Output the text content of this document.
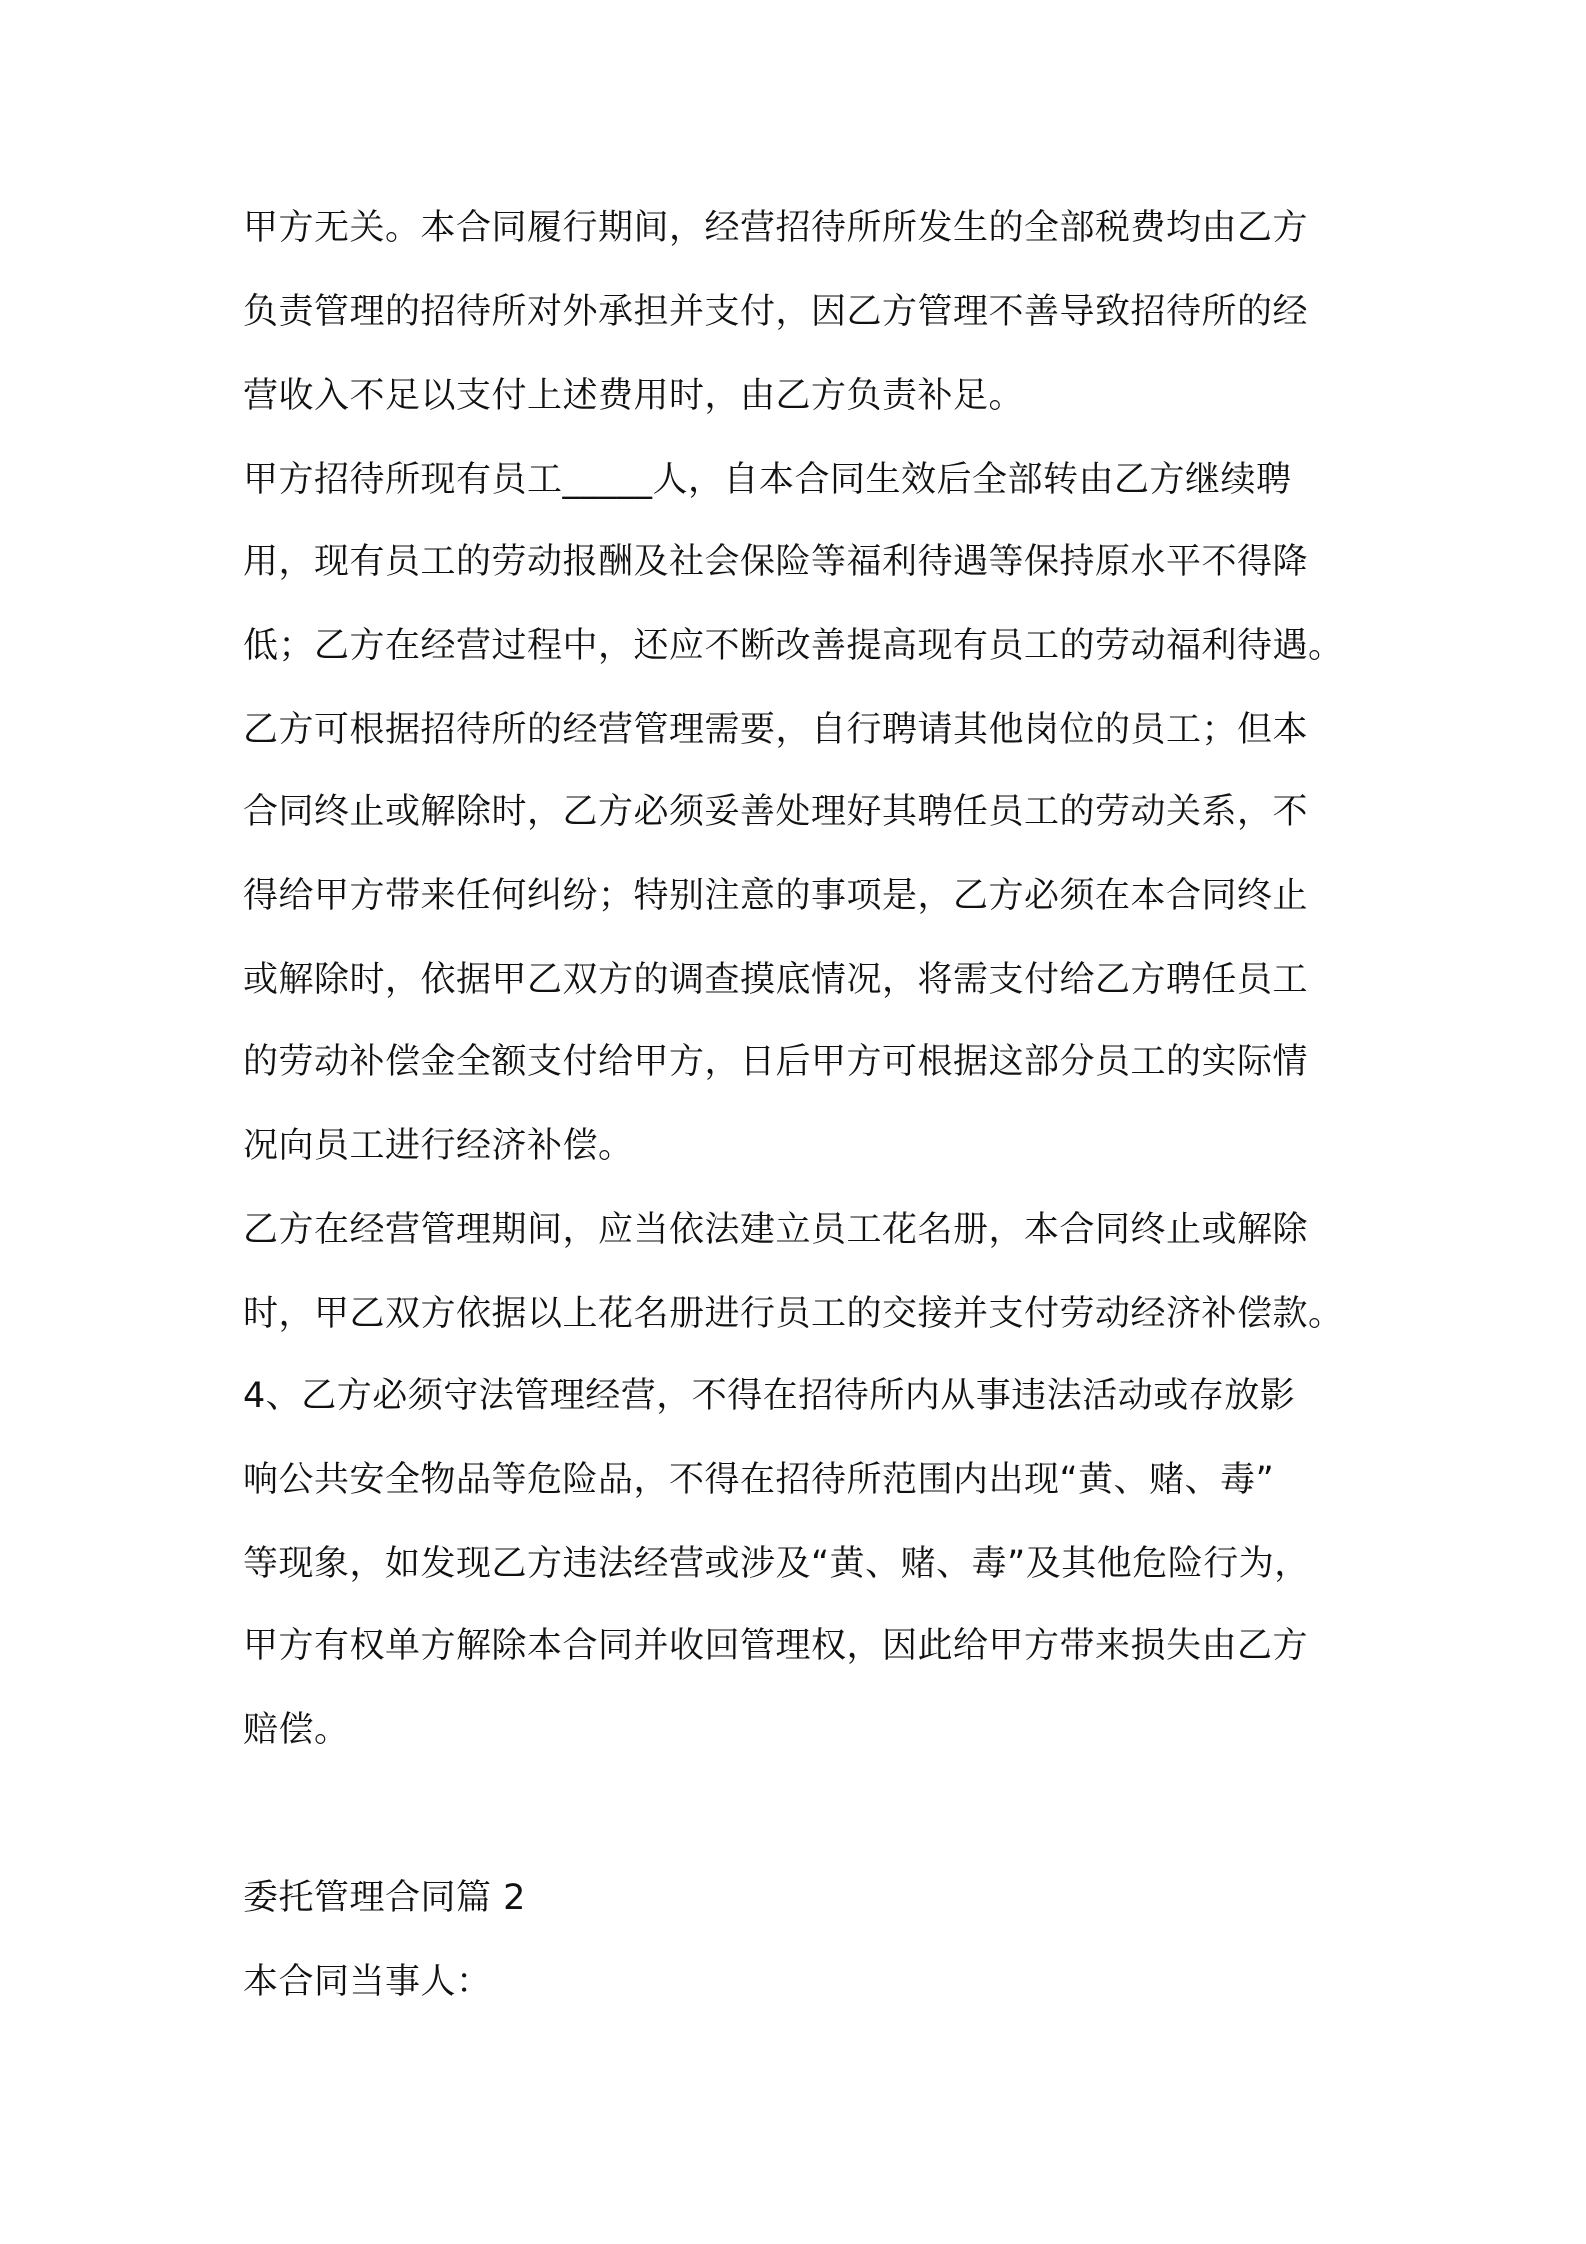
甲方无关。本合同履行期间，经营招待所所发生的全部税费均由乙方
负责管理的招待所对外承担并支付，因乙方管理不善导致招待所的经
营收入不足以支付上述费用时，由乙方负责补足。
甲方招待所现有员工_____人，自本合同生效后全部转由乙方继续聘
用，现有员工的劳动报酬及社会保险等福利待遇等保持原水平不得降
低；乙方在经营过程中，还应不断改善提高现有员工的劳动福利待遇。
乙方可根据招待所的经营管理需要，自行聘请其他岗位的员工；但本
合同终止或解除时，乙方必须妥善处理好其聘任员工的劳动关系，不
得给甲方带来任何纠纷；特别注意的事项是，乙方必须在本合同终止
或解除时，依据甲乙双方的调查摸底情况，将需支付给乙方聘任员工
的劳动补偿金全额支付给甲方，日后甲方可根据这部分员工的实际情
况向员工进行经济补偿。
乙方在经营管理期间，应当依法建立员工花名册，本合同终止或解除
时，甲乙双方依据以上花名册进行员工的交接并支付劳动经济补偿款。
4、乙方必须守法管理经营，不得在招待所内从事违法活动或存放影
响公共安全物品等危险品，不得在招待所范围内出现“黄、赌、毒”
等现象，如发现乙方违法经营或涉及“黄、赌、毒”及其他危险行为，
甲方有权单方解除本合同并收回管理权，因此给甲方带来损失由乙方
赔偿。
委托管理合同篇 2
本合同当事人：
